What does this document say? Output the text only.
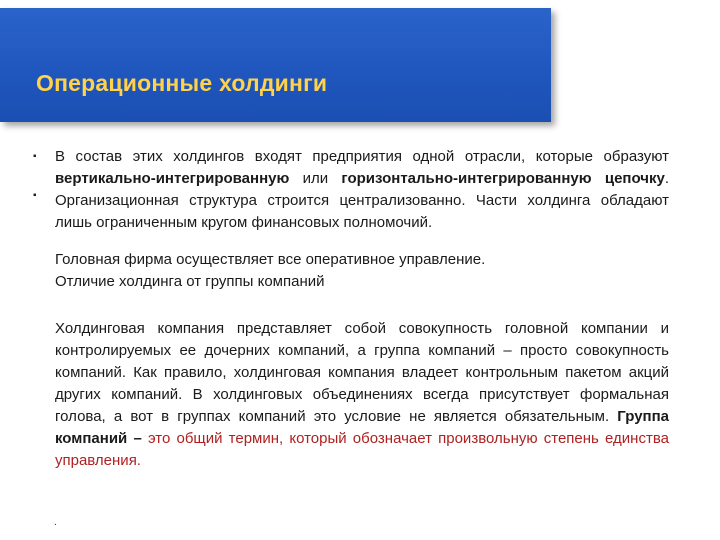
Операционные холдинги
▪
▪
.

В состав этих холдингов входят предприятия одной отрасли, которые образуют вертикально-интегрированную или горизонтально-интегрированную цепочку. Организационная структура строится централизованно. Части холдинга обладают лишь ограниченным кругом финансовых полномочий.

Головная фирма осуществляет все оперативное управление.

Отличие холдинга от группы компаний

Холдинговая компания представляет собой совокупность головной компании и контролируемых ее дочерних компаний, а группа компаний – просто совокупность компаний. Как правило, холдинговая компания владеет контрольным пакетом акций других компаний. В холдинговых объединениях всегда присутствует формальная голова, а вот в группах компаний это условие не является обязательным. Группа компаний – это общий термин, который обозначает произвольную степень единства управления.
